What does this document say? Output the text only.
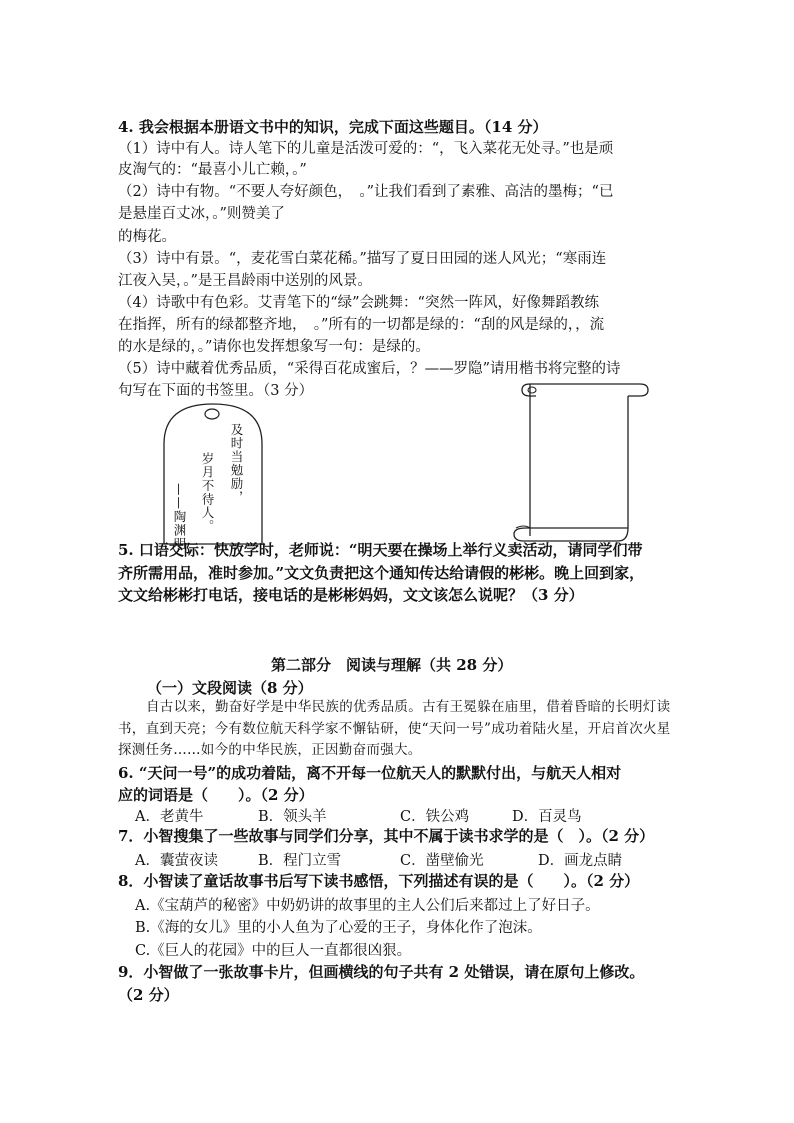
4. 我会根据本册语文书中的知识，完成下面这些题目。（14 分）
（1）诗中有人。诗人笔下的儿童是活泼可爱的：“，飞入菜花无处寻。”也是顽
皮淘气的：“最喜小儿亡赖，。”
（2）诗中有物。“不要人夸好颜色，　。”让我们看到了素雅、高洁的墨梅；“已
是悬崖百丈冰，。”则赞美了
的梅花。
（3）诗中有景。“，麦花雪白菜花稀。”描写了夏日田园的迷人风光；“寒雨连
江夜入吴，。”是王昌龄雨中送别的风景。
（4）诗歌中有色彩。艾青笔下的“绿”会跳舞：“突然一阵风，好像舞蹈教练
在指挥，所有的绿都整齐地，　。”所有的一切都是绿的：“刮的风是绿的，，流
的水是绿的，。”请你也发挥想象写一句：是绿的。
（5）诗中藏着优秀品质，“采得百花成蜜后，？——罗隐”请用楷书将完整的诗
句写在下面的书签里。（3 分）
及时当勉励，
岁月不待人。
——陶渊明
5. 口语交际：快放学时，老师说：“明天要在操场上举行义卖活动，请同学们带
齐所需用品，准时参加。”文文负责把这个通知传达给请假的彬彬。晚上回到家，
文文给彬彬打电话，接电话的是彬彬妈妈，文文该怎么说呢？（3 分）
第二部分　阅读与理解（共 28 分）
（一）文段阅读（8 分）
自古以来，勤奋好学是中华民族的优秀品质。古有王冕躲在庙里，借着昏暗的长明灯读书，直到天亮；今有数位航天科学家不懈钻研，使“天问一号”成功着陆火星，开启首次火星探测任务……如今的中华民族，正因勤奋而强大。
6. “天问一号”的成功着陆，离不开每一位航天人的默默付出，与航天人相对
应的词语是（　　）。（2 分）
A．老黄牛	B．领头羊	C．铁公鸡	D．百灵鸟
7．小智搜集了一些故事与同学们分享，其中不属于读书求学的是（　）。（2 分）
A．囊萤夜读	B．程门立雪	C．凿壁偷光	D．画龙点睛
8．小智读了童话故事书后写下读书感悟，下列描述有误的是（　　）。（2 分）
A.《宝葫芦的秘密》中奶奶讲的故事里的主人公们后来都过上了好日子。
B.《海的女儿》里的小人鱼为了心爱的王子，身体化作了泡沫。
C.《巨人的花园》中的巨人一直都很凶狠。
9．小智做了一张故事卡片，但画横线的句子共有 2 处错误，请在原句上修改。
（2 分）
